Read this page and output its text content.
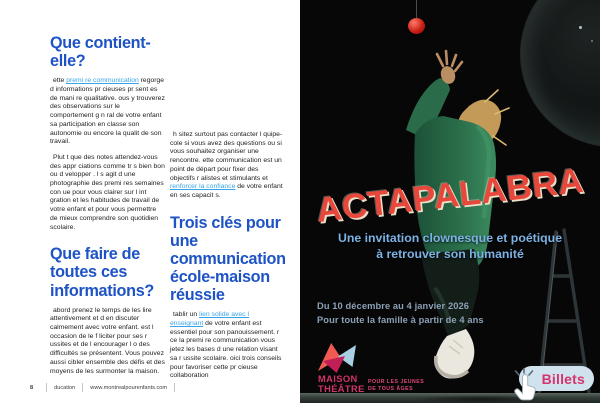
Que contient-elle?

ette premi re communication regorge d informations pr cieuses pr sent es de mani re qualitative. ous y trouverez des observations sur le comportement g n ral de votre enfant sa participation en classe son autonomie ou encore la qualit de son travail.

Plut t que des notes attendez-vous des appr ciations comme tr s bien bon ou d velopper . l s agit d une photographie des premi res semaines con ue pour vous clairer sur l int gration et les habitudes de travail de votre enfant et pour vous permettre de mieux comprendre son quotidien scolaire.

Que faire de toutes ces informations?

abord prenez le temps de les lire attentivement et d en discuter calmement avec votre enfant. est l occasion de le f liciter pour ses r ussites et de l encourager l o des difficultés se présentent. Vous pouvez aussi cibler ensemble des défis et des moyens de les surmonter la maison.

h sitez surtout pas contacter l quipe- cole si vous avez des questions ou si vous souhaitez organiser une rencontre. ette communication est un point de départ pour fixer des objectifs r alistes et stimulants et renforcer la confiance de votre enfant en ses capacit s.

Trois clés pour une communication école-maison réussie

tablir un lien solide avec l enseignant de votre enfant est essentiel pour son panouissement. r ce la premi re communication vous jetez les bases d une relation visant sa r ussite scolaire. oici trois conseils pour favoriser cette pr cieuse collaboration

8	ducation	www.montrealpourenfants.com
ACTAPALABRA
Une invitation clownesque et poétique
à retrouver son humanité
Du 10 décembre au 4 janvier 2026
Pour toute la famille à partir de 4 ans
MAISON
THÉÂTRE
POUR LES JEUNES
DE TOUS ÂGES
Billets
